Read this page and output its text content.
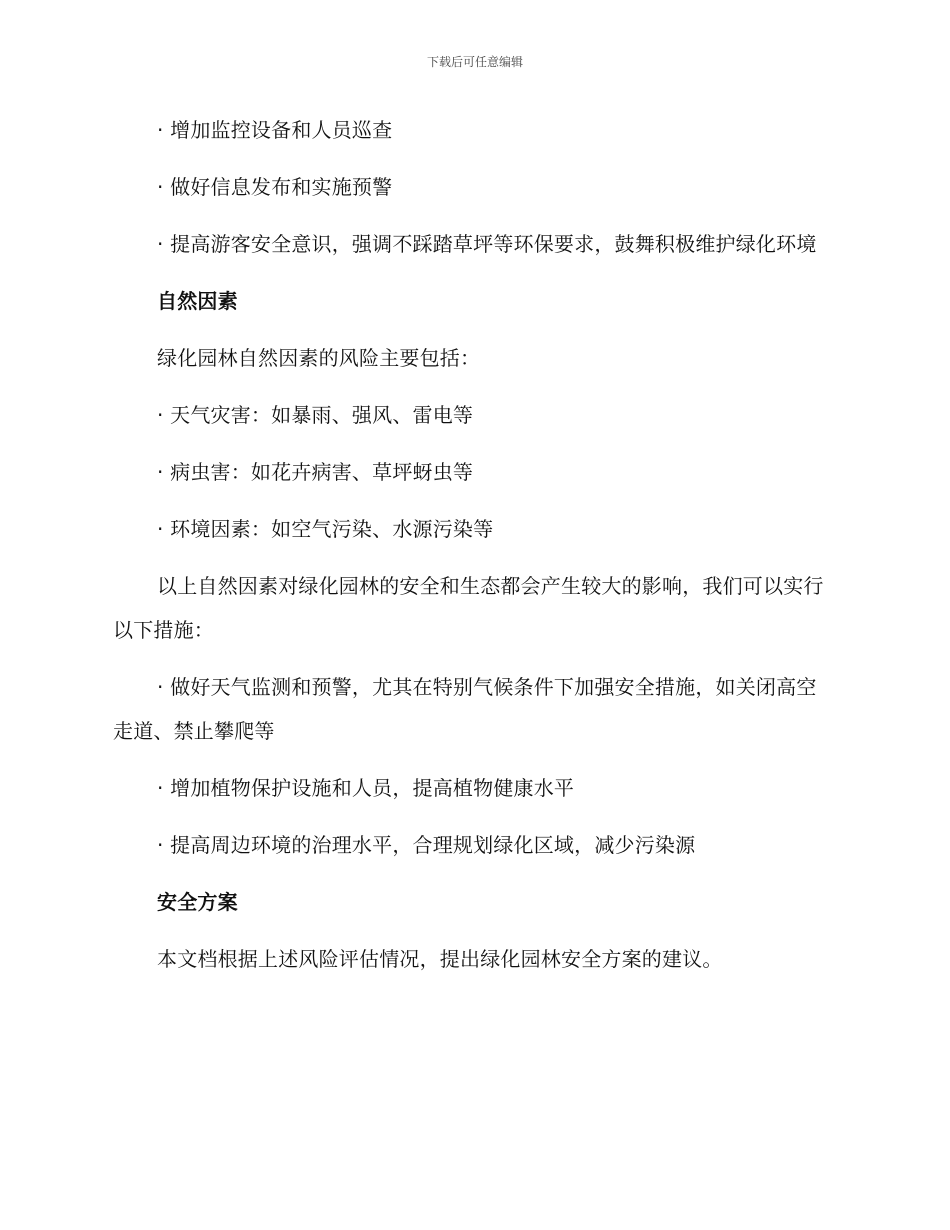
下载后可任意编辑

· 增加监控设备和人员巡查

· 做好信息发布和实施预警

· 提高游客安全意识，强调不踩踏草坪等环保要求，鼓舞积极维护绿化环境

自然因素

绿化园林自然因素的风险主要包括：

· 天气灾害：如暴雨、强风、雷电等

· 病虫害：如花卉病害、草坪蚜虫等

· 环境因素：如空气污染、水源污染等

以上自然因素对绿化园林的安全和生态都会产生较大的影响，我们可以实行以下措施：

· 做好天气监测和预警，尤其在特别气候条件下加强安全措施，如关闭高空走道、禁止攀爬等

· 增加植物保护设施和人员，提高植物健康水平

· 提高周边环境的治理水平，合理规划绿化区域，减少污染源

安全方案

本文档根据上述风险评估情况，提出绿化园林安全方案的建议。
